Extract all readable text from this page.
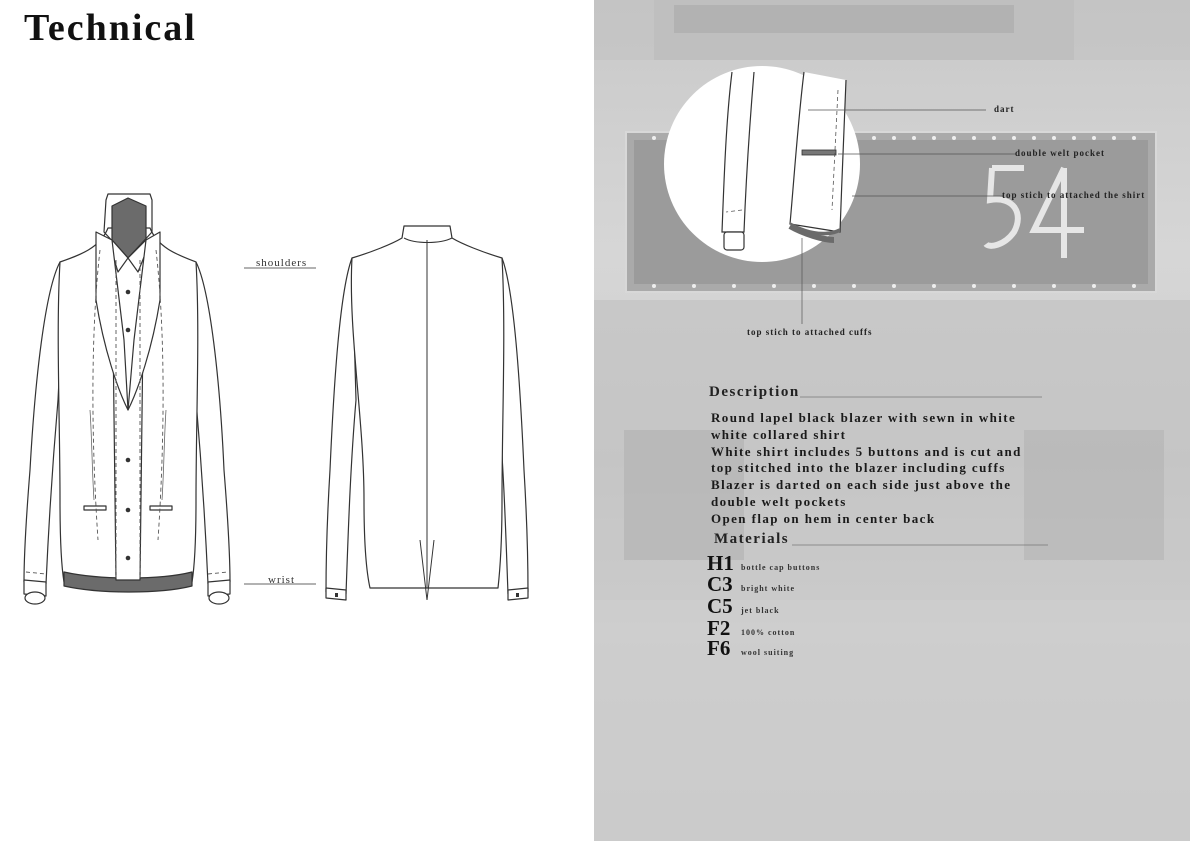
Technical
shoulders
wrist
dart
double welt pocket
top stich to attached the shirt
top stich to attached cuffs
Description
Round lapel black blazer with sewn in white
white collared shirt
White shirt includes 5 buttons and is cut and
top stitched into the blazer including cuffs
Blazer is darted on each side just above the
double welt pockets
Open flap on hem in center back
Materials
H1 bottle cap buttons
C3	bright white
C5	jet black
F2	100% cotton
F6	wool suiting
